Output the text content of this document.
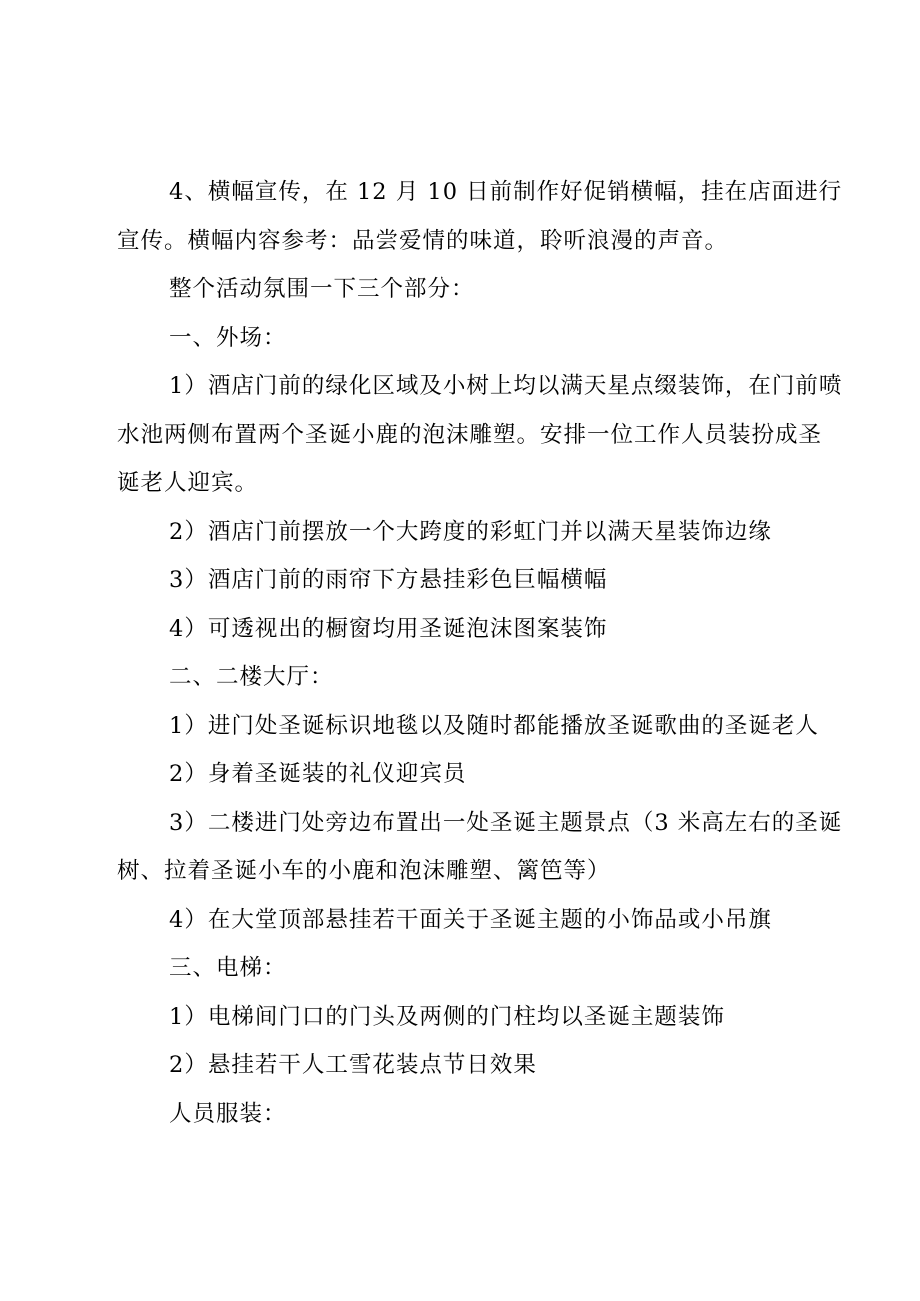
4、横幅宣传，在 12 月 10 日前制作好促销横幅，挂在店面进行

宣传。横幅内容参考：品尝爱情的味道，聆听浪漫的声音。

整个活动氛围一下三个部分：

一、外场：

1）酒店门前的绿化区域及小树上均以满天星点缀装饰，在门前喷

水池两侧布置两个圣诞小鹿的泡沫雕塑。安排一位工作人员装扮成圣

诞老人迎宾。

2）酒店门前摆放一个大跨度的彩虹门并以满天星装饰边缘

3）酒店门前的雨帘下方悬挂彩色巨幅横幅

4）可透视出的橱窗均用圣诞泡沫图案装饰

二、二楼大厅：

1）进门处圣诞标识地毯以及随时都能播放圣诞歌曲的圣诞老人

2）身着圣诞装的礼仪迎宾员

3）二楼进门处旁边布置出一处圣诞主题景点（3 米高左右的圣诞

树、拉着圣诞小车的小鹿和泡沫雕塑、篱笆等）

4）在大堂顶部悬挂若干面关于圣诞主题的小饰品或小吊旗

三、电梯：

1）电梯间门口的门头及两侧的门柱均以圣诞主题装饰

2）悬挂若干人工雪花装点节日效果

人员服装：
